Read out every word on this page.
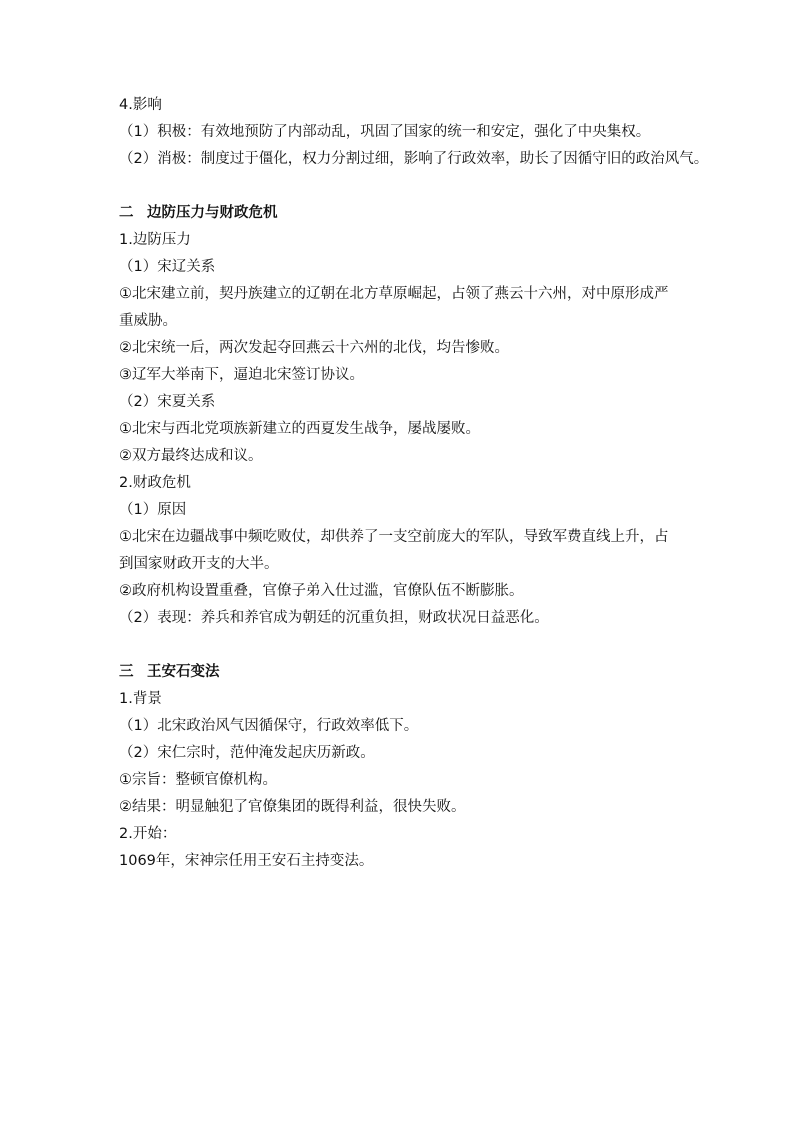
4.影响
（1）积极：有效地预防了内部动乱，巩固了国家的统一和安定，强化了中央集权。
（2）消极：制度过于僵化，权力分割过细，影响了行政效率，助长了因循守旧的政治风气。
二 边防压力与财政危机
1.边防压力
（1）宋辽关系
①北宋建立前，契丹族建立的辽朝在北方草原崛起，占领了燕云十六州，对中原形成严重威胁。
②北宋统一后，两次发起夺回燕云十六州的北伐，均告惨败。
③辽军大举南下，逼迫北宋签订协议。
（2）宋夏关系
①北宋与西北党项族新建立的西夏发生战争，屡战屡败。
②双方最终达成和议。
2.财政危机
（1）原因
①北宋在边疆战事中频吃败仗，却供养了一支空前庞大的军队，导致军费直线上升，占到国家财政开支的大半。
②政府机构设置重叠，官僚子弟入仕过滥，官僚队伍不断膨胀。
（2）表现：养兵和养官成为朝廷的沉重负担，财政状况日益恶化。
三 王安石变法
1.背景
（1）北宋政治风气因循保守，行政效率低下。
（2）宋仁宗时，范仲淹发起庆历新政。
①宗旨：整顿官僚机构。
②结果：明显触犯了官僚集团的既得利益，很快失败。
2.开始：
1069年，宋神宗任用王安石主持变法。
